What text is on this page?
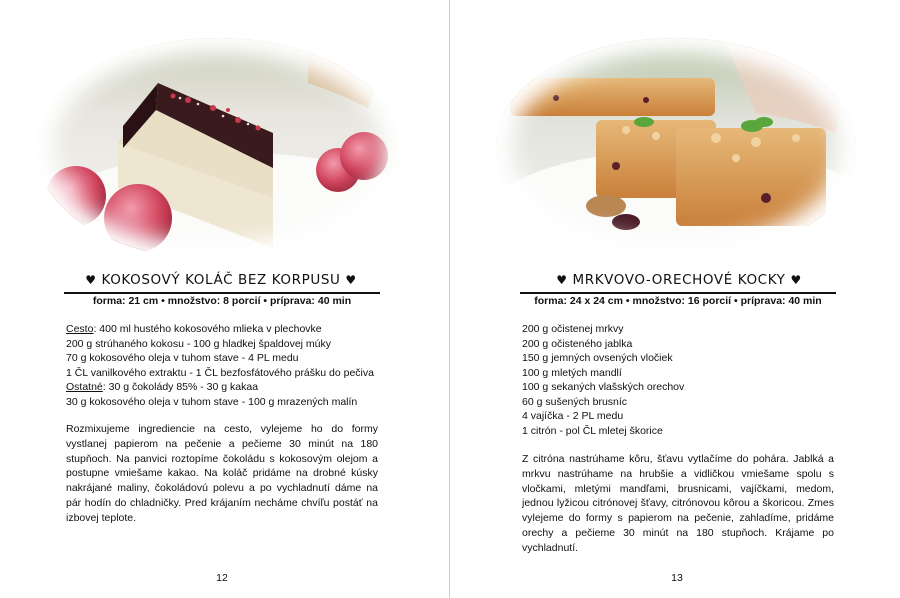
♥ KOKOSOVÝ KOLÁČ BEZ KORPUSU ♥
forma: 21 cm • množstvo: 8 porcií • príprava: 40 min
Cesto: 400 ml hustého kokosového mlieka v plechovke
200 g strúhaného kokosu - 100 g hladkej špaldovej múky
70 g kokosového oleja v tuhom stave - 4 PL medu
1 ČL vanilkového extraktu - 1 ČL bezfosfátového prášku do pečiva
Ostatné: 30 g čokolády 85% - 30 g kakaa
30 g kokosového oleja v tuhom stave - 100 g mrazených malín
Rozmixujeme ingrediencie na cesto, vylejeme ho do formy vystlanej papierom na pečenie a pečieme 30 minút na 180 stupňoch. Na panvici roztopíme čokoládu s kokosovým olejom a postupne vmiešame kakao. Na koláč pridáme na drobné kúsky nakrájané maliny, čokoládovú polevu a po vychladnutí dáme na pár hodín do chladničky. Pred krájaním necháme chvíľu postáť na izbovej teplote.
12
♥ MRKVOVO-ORECHOVÉ KOCKY ♥
forma: 24 x 24 cm • množstvo: 16 porcií • príprava: 40 min
200 g očistenej mrkvy
200 g očisteného jablka
150 g jemných ovsených vločiek
100 g mletých mandlí
100 g sekaných vlašských orechov
60 g sušených brusníc
4 vajíčka - 2 PL medu
1 citrón - pol ČL mletej škorice
Z citróna nastrúhame kôru, šťavu vytlačíme do pohára. Jablká a mrkvu nastrúhame na hrubšie a vidličkou vmiešame spolu s vločkami, mletými mandľami, brusnicami, vajíčkami, medom, jednou lyžicou citrónovej šťavy, citrónovou kôrou a škoricou. Zmes vylejeme do formy s papierom na pečenie, zahladíme, pridáme orechy a pečieme 30 minút na 180 stupňoch. Krájame po vychladnutí.
13
